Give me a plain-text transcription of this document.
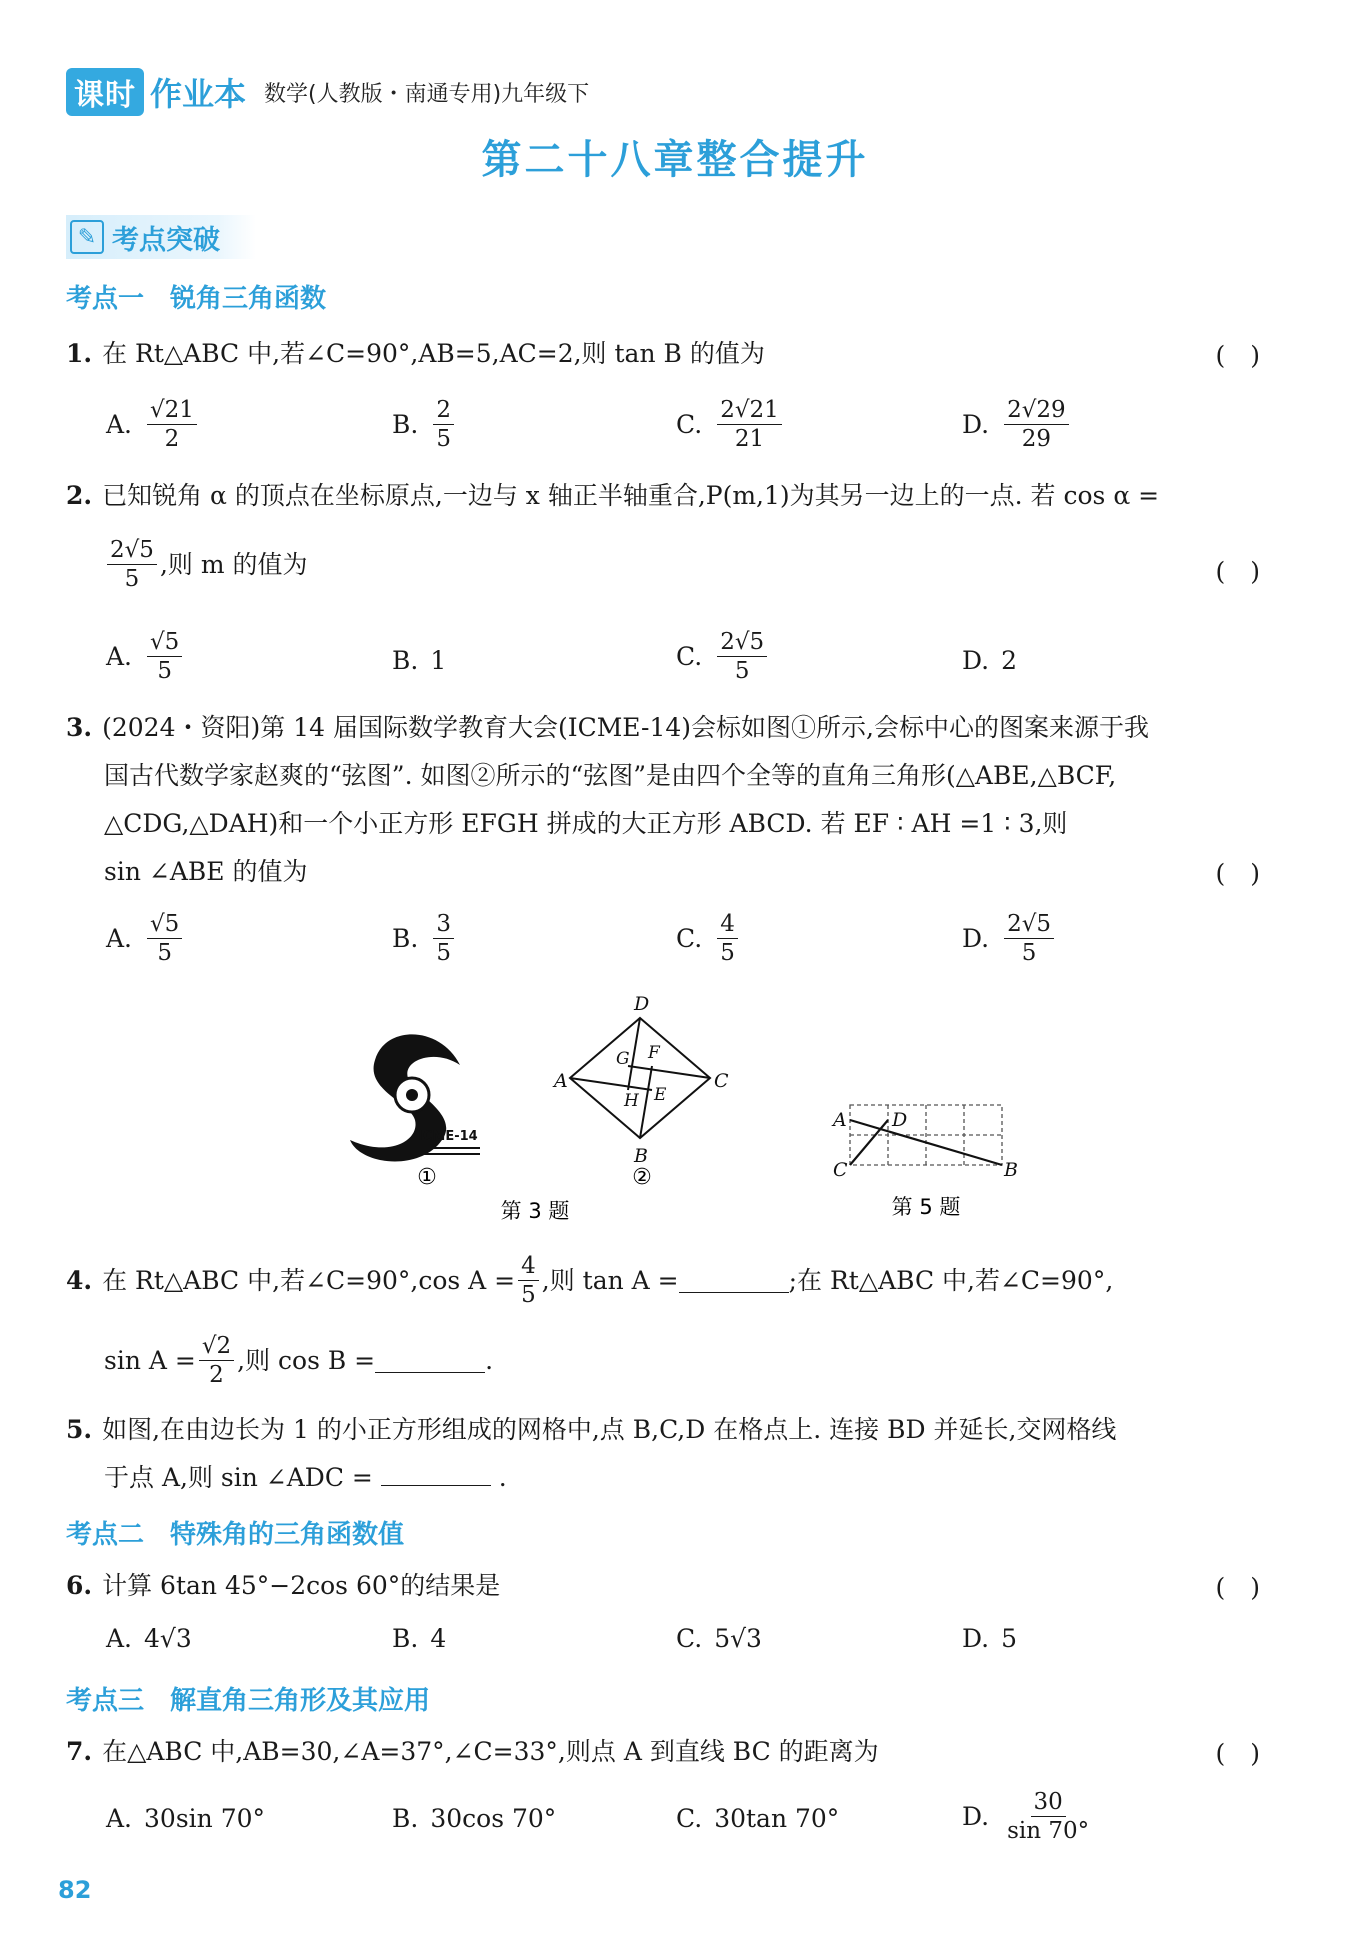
课时 作业本 数学(人教版・南通专用)九年级下
第二十八章整合提升
✎ 考点突破
考点一　锐角三角函数
1. 在 Rt△ABC 中,若∠C=90°,AB=5,AC=2,则 tan B 的值为	(　)
A. $\frac{√21}{2}$	B. $\frac{2}{5}$	C. $\frac{2√21}{21}$	D. $\frac{2√29}{29}$
2. 已知锐角 α 的顶点在坐标原点,一边与 x 轴正半轴重合,P(m,1)为其另一边上的一点. 若 cos α =
$\frac{2√5}{5}$ ,则 m 的值为	(　)
A. $\frac{√5}{5}$	B. 1	C. $\frac{2√5}{5}$	D. 2
3. (2024・资阳)第 14 届国际数学教育大会(ICME-14)会标如图①所示,会标中心的图案来源于我
国古代数学家赵爽的“弦图”. 如图②所示的“弦图”是由四个全等的直角三角形(△ABE,△BCF,
△CDG,△DAH)和一个小正方形 EFGH 拼成的大正方形 ABCD. 若 EF ∶ AH =1 ∶ 3,则
sin ∠ABE 的值为	(　)
A. $\frac{√5}{5}$	B. $\frac{3}{5}$	C. $\frac{4}{5}$	D. $\frac{2√5}{5}$
ICME-14
①
D
C
B
A
G F
H E
②
第 3 题
A D
C	B
第 5 题
4. 在 Rt△ABC 中,若∠C=90°,cos $A = \frac{4}{5}$ ,则 tan A =	;在 Rt△ABC 中,若∠C=90°,
$\sin A = \frac{√2}{2}$ ,则 cos B =	.
5. 如图,在由边长为 1 的小正方形组成的网格中,点 B,C,D 在格点上. 连接 BD 并延长,交网格线
于点 A,则 sin ∠ADC =	.
考点二　特殊角的三角函数值
6. 计算 6tan 45°−2cos 60°的结果是	(　)
A. 4√3	B. 4	C. 5√3	D. 5
考点三　解直角三角形及其应用
7. 在△ABC 中,AB=30,∠A=37°,∠C=33°,则点 A 到直线 BC 的距离为	(　)
A. 30sin 70°	B. 30cos 70°	C. 30tan 70°	D. $\frac{30}{\sin 70^\circ}$
82
